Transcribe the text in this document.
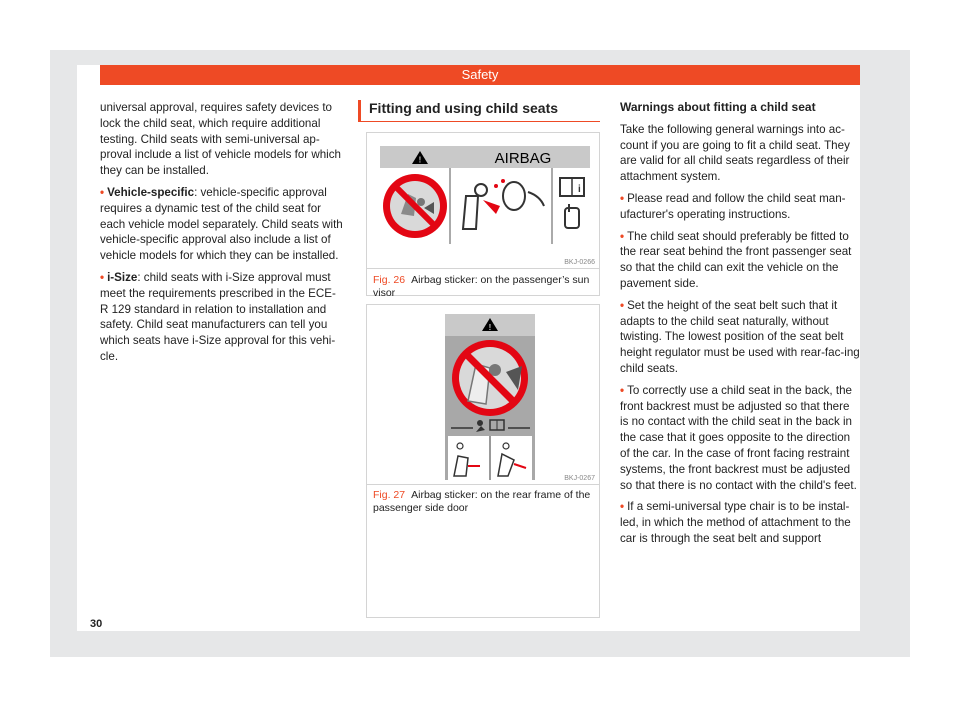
Safety

universal approval, requires safety devices to lock the child seat, which require additional testing. Child seats with semi-universal ap-proval include a list of vehicle models for which they can be installed.

• Vehicle-specific: vehicle-specific approval requires a dynamic test of the child seat for each vehicle model separately. Child seats with vehicle-specific approval also include a list of vehicle models for which they can be installed.

• i-Size: child seats with i-Size approval must meet the requirements prescribed in the ECE-R 129 standard in relation to installation and safety. Child seat manufacturers can tell you which seats have i-Size approval for this vehi-cle.

Fitting and using child seats
!	AIRBAG
i
BKJ-0266
Fig. 26 Airbag sticker: on the passenger’s sun visor
!
BKJ-0267
Fig. 27 Airbag sticker: on the rear frame of the passenger side door

Warnings about fitting a child seat

Take the following general warnings into ac-count if you are going to fit a child seat. They are valid for all child seats regardless of their attachment system.

• Please read and follow the child seat man-ufacturer's operating instructions.

• The child seat should preferably be fitted to the rear seat behind the front passenger seat so that the child can exit the vehicle on the pavement side.

• Set the height of the seat belt such that it adapts to the child seat naturally, without twisting. The lowest position of the seat belt height regulator must be used with rear-fac-ing child seats.

• To correctly use a child seat in the back, the front backrest must be adjusted so that there is no contact with the child seat in the back in the case that it goes opposite to the direction of the car. In the case of front facing restraint systems, the front backrest must be adjusted so that there is no contact with the child's feet.

• If a semi-universal type chair is to be instal-led, in which the method of attachment to the car is through the seat belt and support

30
